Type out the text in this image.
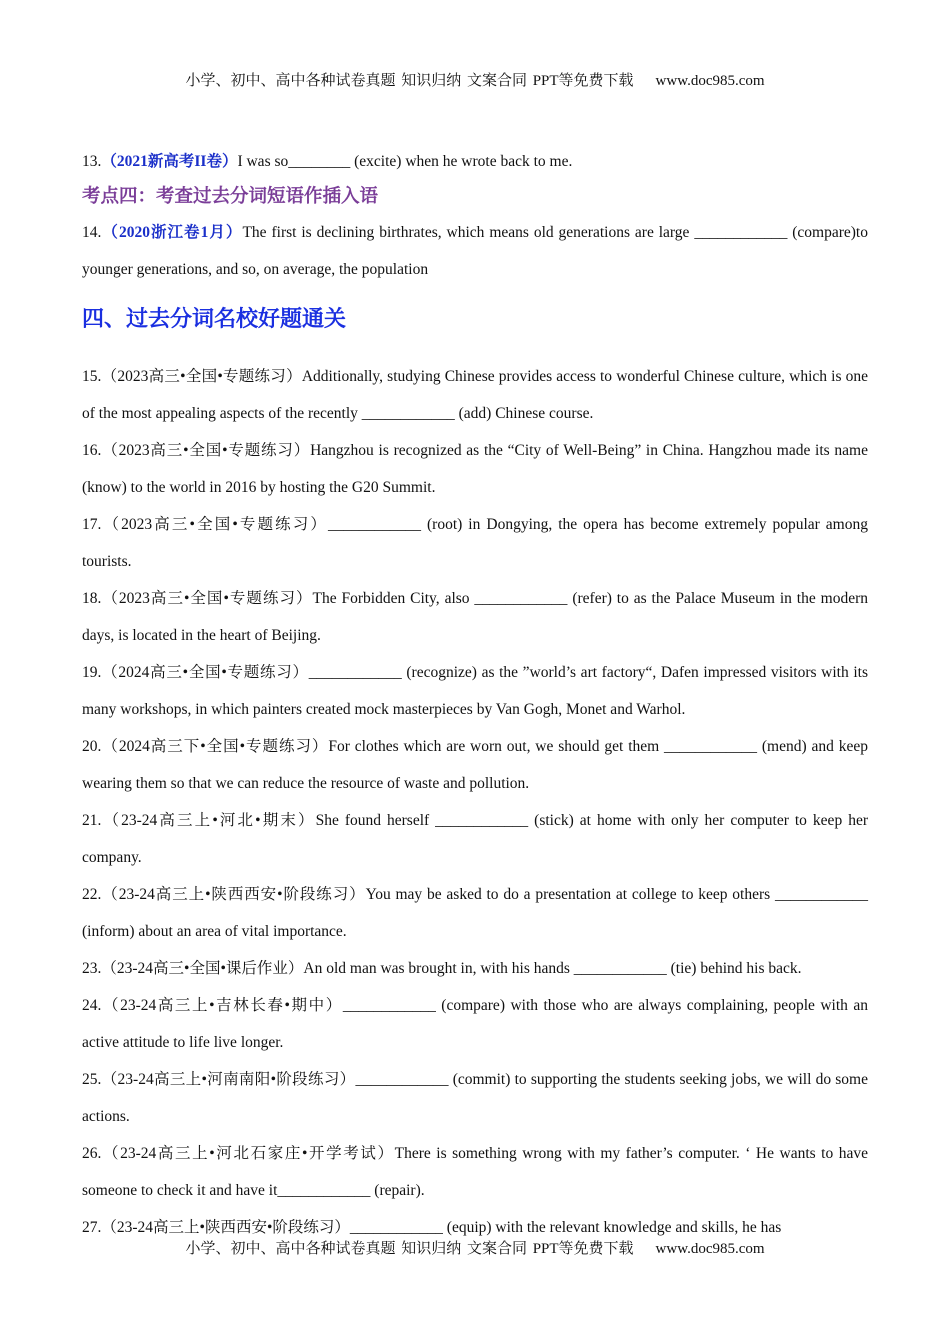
小学、初中、高中各种试卷真题 知识归纳 文案合同 PPT等免费下载 www.doc985.com

13.（2021新高考II卷）I was so________ (excite) when he wrote back to me.

考点四：考查过去分词短语作插入语

14.（2020浙江卷1月）The first is declining birthrates, which means old generations are large ____________ (compare)to younger generations, and so, on average, the population

四、过去分词名校好题通关

15.（2023高三•全国•专题练习）Additionally, studying Chinese provides access to wonderful Chinese culture, which is one of the most appealing aspects of the recently ____________ (add) Chinese course.

16.（2023高三•全国•专题练习）Hangzhou is recognized as the “City of Well-Being” in China. Hangzhou made its name (know) to the world in 2016 by hosting the G20 Summit.

17.（2023高三•全国•专题练习）____________ (root) in Dongying, the opera has become extremely popular among tourists.

18.（2023高三•全国•专题练习）The Forbidden City, also ____________ (refer) to as the Palace Museum in the modern days, is located in the heart of Beijing.

19.（2024高三•全国•专题练习）____________ (recognize) as the ”world’s art factory“, Dafen impressed visitors with its many workshops, in which painters created mock masterpieces by Van Gogh, Monet and Warhol.

20.（2024高三下•全国•专题练习）For clothes which are worn out, we should get them ____________ (mend) and keep wearing them so that we can reduce the resource of waste and pollution.

21.（23-24高三上•河北•期末）She found herself ____________ (stick) at home with only her computer to keep her company.

22.（23-24高三上•陕西西安•阶段练习）You may be asked to do a presentation at college to keep others ____________ (inform) about an area of vital importance.

23.（23-24高三•全国•课后作业）An old man was brought in, with his hands ____________ (tie) behind his back.

24.（23-24高三上•吉林长春•期中）____________ (compare) with those who are always complaining, people with an active attitude to life live longer.

25.（23-24高三上•河南南阳•阶段练习）____________ (commit) to supporting the students seeking jobs, we will do some actions.

26.（23-24高三上•河北石家庄•开学考试）There is something wrong with my father’s computer. ‘ He wants to have someone to check it and have it____________ (repair).

27.（23-24高三上•陕西西安•阶段练习）____________ (equip) with the relevant knowledge and skills, he has

小学、初中、高中各种试卷真题 知识归纳 文案合同 PPT等免费下载 www.doc985.com
